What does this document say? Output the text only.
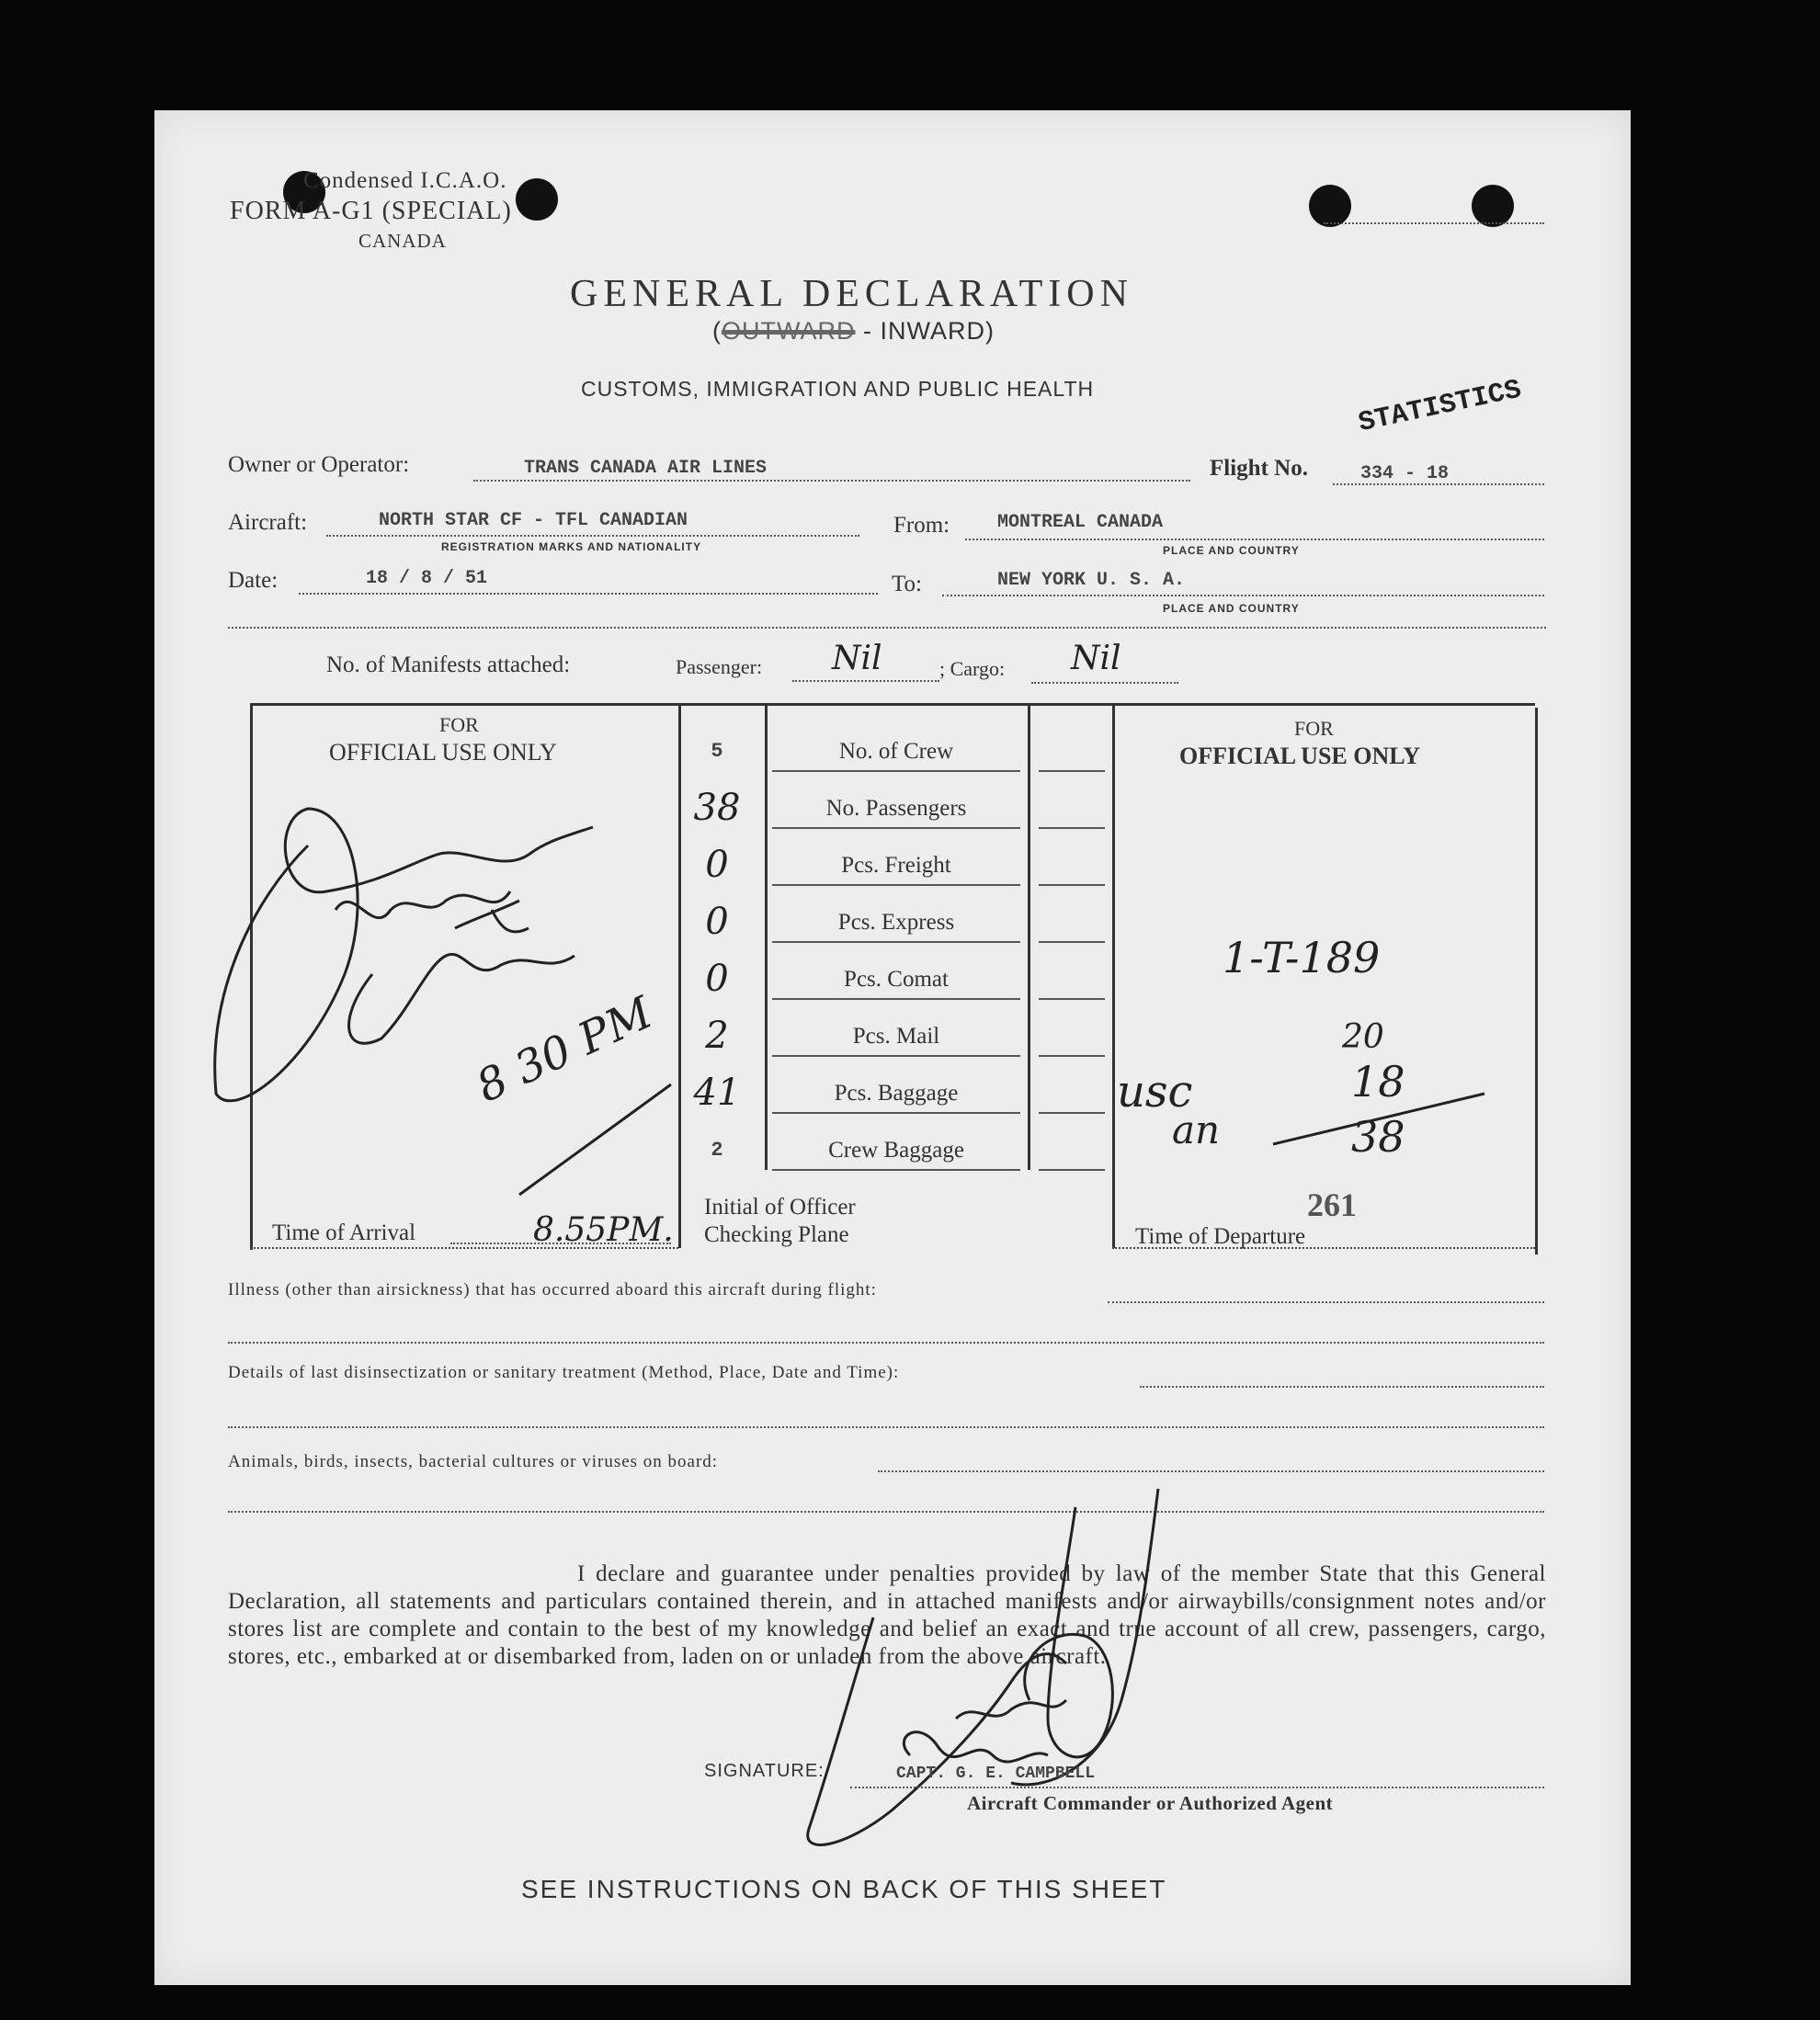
Condensed I.C.A.O.
FORM A-G1 (SPECIAL)
CANADA
GENERAL DECLARATION
(OUTWARD - INWARD)
CUSTOMS, IMMIGRATION AND PUBLIC HEALTH	STATISTICS
Owner or Operator:	TRANS CANADA AIR LINES	Flight No.	334 - 18
Aircraft:	NORTH STAR CF - TFL CANADIAN
REGISTRATION MARKS AND NATIONALITY
From:	MONTREAL CANADA
PLACE AND COUNTRY
Date:	18 / 8 / 51	To:	NEW YORK U. S. A.
PLACE AND COUNTRY
No. of Manifests attached:	Passenger: Nil	; Cargo: Nil
FOR
OFFICIAL USE ONLY
8 30 PM
Time of Arrival	8.55PM.
5	No. of Crew
38	No. Passengers
0	Pcs. Freight
0	Pcs. Express
0	Pcs. Comat
2	Pcs. Mail
41	Pcs. Baggage
2	Crew Baggage
Initial of Officer
Checking Plane
FOR
OFFICIAL USE ONLY
1-T-189
usc
an
20
18
38
261
Time of Departure
Illness (other than airsickness) that has occurred aboard this aircraft during flight:
Details of last disinsectization or sanitary treatment (Method, Place, Date and Time):
Animals, birds, insects, bacterial cultures or viruses on board:
I declare and guarantee under penalties provided by law of the member State that this General Declaration, all statements and particulars contained therein, and in attached manifests and/or airwaybills/consignment notes and/or stores list are complete and contain to the best of my knowledge and belief an exact and true account of all crew, passengers, cargo, stores, etc., embarked at or disembarked from, laden on or unladen from the above aircraft.
SIGNATURE:	CAPT. G. E. CAMPBELL
Aircraft Commander or Authorized Agent
SEE INSTRUCTIONS ON BACK OF THIS SHEET
